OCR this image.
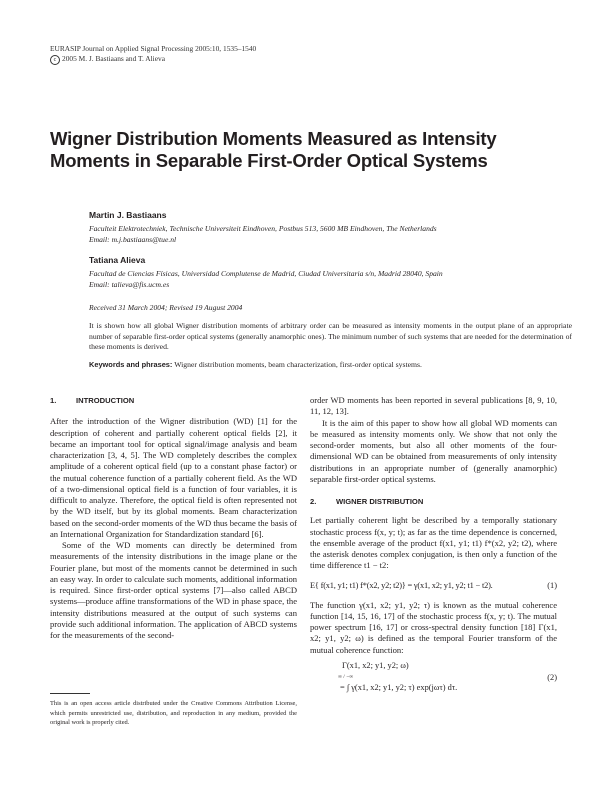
EURASIP Journal on Applied Signal Processing 2005:10, 1535–1540
c 2005 M. J. Bastiaans and T. Alieva
Wigner Distribution Moments Measured as Intensity
Moments in Separable First-Order Optical Systems
Martin J. Bastiaans
Faculteit Elektrotechniek, Technische Universiteit Eindhoven, Postbus 513, 5600 MB Eindhoven, The Netherlands
Email: m.j.bastiaans@tue.nl
Tatiana Alieva
Facultad de Ciencias Físicas, Universidad Complutense de Madrid, Ciudad Universitaria s/n, Madrid 28040, Spain
Email: talieva@fis.ucm.es
Received 31 March 2004; Revised 19 August 2004
It is shown how all global Wigner distribution moments of arbitrary order can be measured as intensity moments in the output plane of an appropriate number of separable first-order optical systems (generally anamorphic ones). The minimum number of such systems that are needed for the determination of these moments is derived.
Keywords and phrases: Wigner distribution moments, beam characterization, first-order optical systems.
1.	INTRODUCTION

After the introduction of the Wigner distribution (WD) [1] for the description of coherent and partially coherent optical fields [2], it became an important tool for optical signal/image analysis and beam characterization [3, 4, 5]. The WD completely describes the complex amplitude of a coherent optical field (up to a constant phase factor) or the mutual coherence function of a partially coherent field. As the WD of a two-dimensional optical field is a function of four variables, it is difficult to analyze. Therefore, the optical field is often represented not by the WD itself, but by its global moments. Beam characterization based on the second-order moments of the WD thus became the basis of an International Organization for Standardization standard [6].

Some of the WD moments can directly be determined from measurements of the intensity distributions in the image plane or the Fourier plane, but most of the moments cannot be determined in such an easy way. In order to calculate such moments, additional information is required. Since first-order optical systems [7]—also called ABCD systems—produce affine transformations of the WD in phase space, the intensity distributions measured at the output of such systems can provide such additional information. The application of ABCD systems for the measurements of the second-

This is an open access article distributed under the Creative Commons Attribution License, which permits unrestricted use, distribution, and reproduction in any medium, provided the original work is properly cited.

order WD moments has been reported in several publications [8, 9, 10, 11, 12, 13].

It is the aim of this paper to show how all global WD moments can be measured as intensity moments only. We show that not only the second-order moments, but also all other moments of the four-dimensional WD can be obtained from measurements of only intensity distributions in an appropriate number of (generally anamorphic) separable first-order optical systems.

2.	WIGNER DISTRIBUTION

Let partially coherent light be described by a temporally stationary stochastic process f(x, y; t); as far as the time dependence is concerned, the ensemble average of the product f(x1, y1; t1) f*(x2, y2; t2), where the asterisk denotes complex conjugation, is then only a function of the time difference t1 − t2:

E{ f(x1, y1; t1) f*(x2, y2; t2)} = γ(x1, x2; y1, y2; t1 − t2).	(1)

The function γ(x1, x2; y1, y2; τ) is known as the mutual coherence function [14, 15, 16, 17] of the stochastic process f(x, y; t). The mutual power spectrum [16, 17] or cross-spectral density function [18] Γ(x1, x2; y1, y2; ω) is defined as the temporal Fourier transform of the mutual coherence function:

Γ(x1, x2; y1, y2; ω)
∞ / −∞
= ∫ γ(x1, x2; y1, y2; τ) exp(jωτ) dτ.
(2)
